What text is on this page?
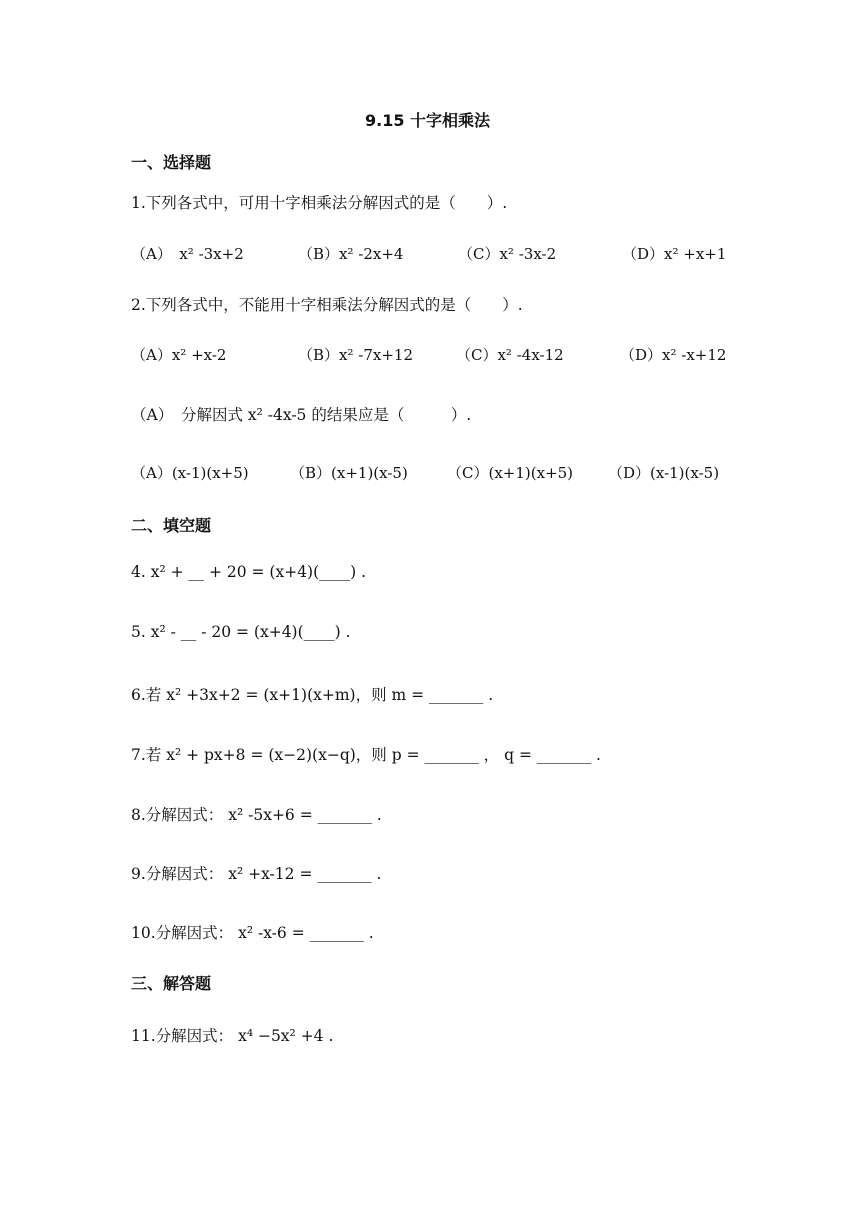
9.15 十字相乘法
一、选择题
1.下列各式中，可用十字相乘法分解因式的是（　　）.
（A）　x² -3x+2	（B）x² -2x+4	（C）x² -3x-2	（D）x² +x+1
2.下列各式中，不能用十字相乘法分解因式的是（　　）.
（A）x² +x-2	（B）x² -7x+12	（C）x² -4x-12	（D）x² -x+12
（A）　分解因式 x² -4x-5 的结果应是（　　　）.
（A）(x-1)(x+5)	（B）(x+1)(x-5)	（C）(x+1)(x+5) （D）(x-1)(x-5)
二、填空题
4. x² + __ + 20 = (x+4)(____) .
5. x² - __ - 20 = (x+4)(____) .
6.若 x² +3x+2 = (x+1)(x+m)，则 m = _______ .
7.若 x² + px+8 = (x−2)(x−q)，则 p = _______ ， q = _______ .
8.分解因式： x² -5x+6 = _______ .
9.分解因式： x² +x-12 = _______ .
10.分解因式： x² -x-6 = _______ .
三、解答题
11.分解因式： x⁴ −5x² +4 .
